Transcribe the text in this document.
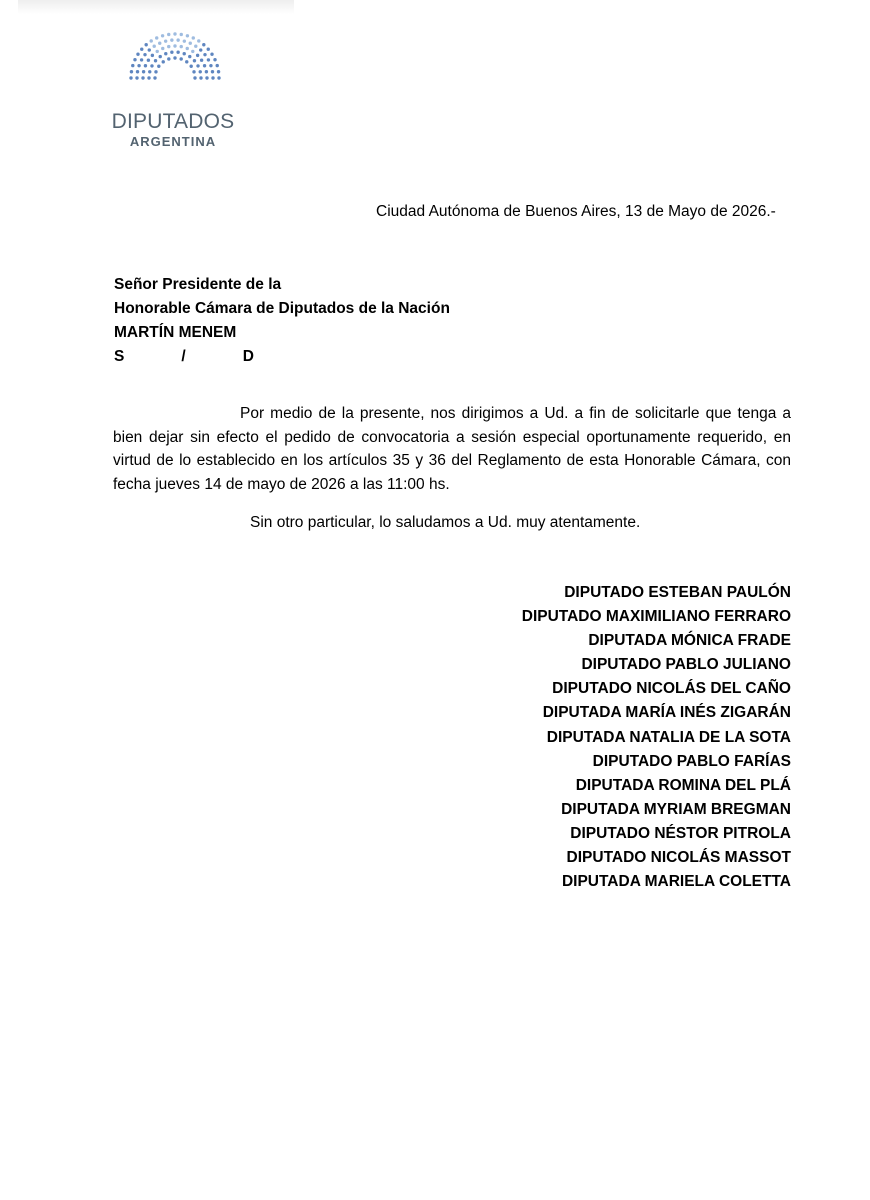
DIPUTADOS
ARGENTINA
Ciudad Autónoma de Buenos Aires, 13 de Mayo de 2026.-
Señor Presidente de la
Honorable Cámara de Diputados de la Nación
MARTÍN MENEM
S	/	D
Por medio de la presente, nos dirigimos a Ud. a fin de solicitarle que tenga a bien dejar sin efecto el pedido de convocatoria a sesión especial oportunamente requerido, en virtud de lo establecido en los artículos 35 y 36 del Reglamento de esta Honorable Cámara, con fecha jueves 14 de mayo de 2026 a las 11:00 hs.
Sin otro particular, lo saludamos a Ud. muy atentamente.
DIPUTADO ESTEBAN PAULÓN
DIPUTADO MAXIMILIANO FERRARO
DIPUTADA MÓNICA FRADE
DIPUTADO PABLO JULIANO
DIPUTADO NICOLÁS DEL CAÑO
DIPUTADA MARÍA INÉS ZIGARÁN
DIPUTADA NATALIA DE LA SOTA
DIPUTADO PABLO FARÍAS
DIPUTADA ROMINA DEL PLÁ
DIPUTADA MYRIAM BREGMAN
DIPUTADO NÉSTOR PITROLA
DIPUTADO NICOLÁS MASSOT
DIPUTADA MARIELA COLETTA
